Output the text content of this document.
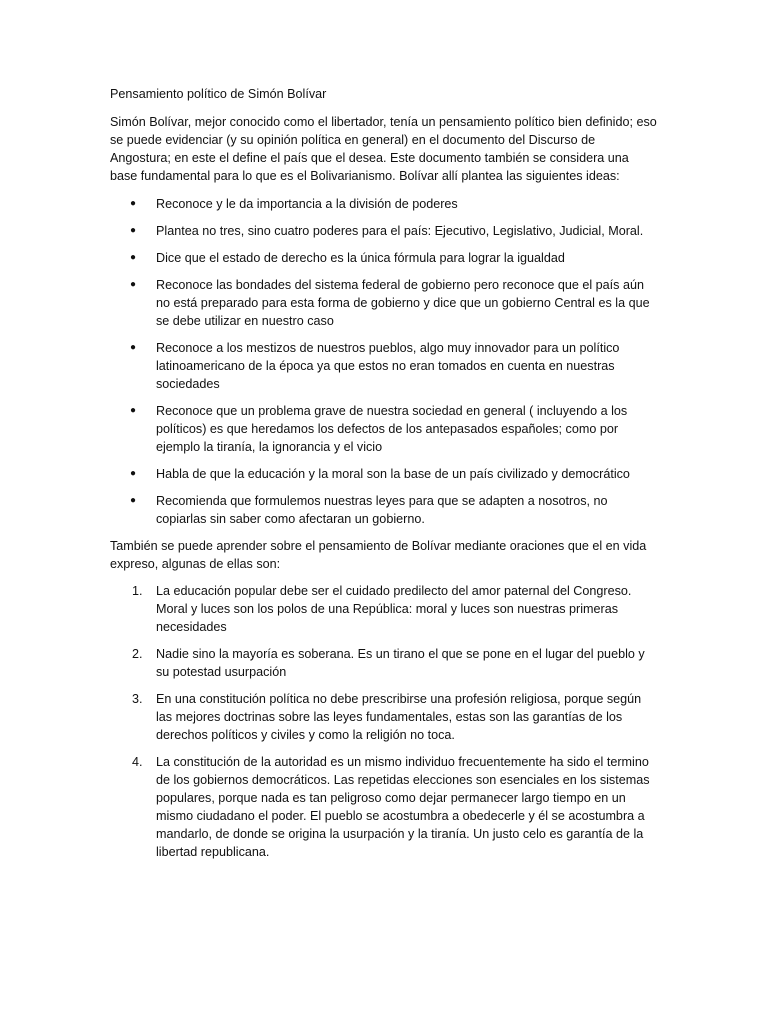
Pensamiento político de Simón Bolívar

Simón Bolívar, mejor conocido como el libertador, tenía un pensamiento político bien definido; eso se puede evidenciar (y su opinión política en general) en el documento del Discurso de Angostura; en este el define el país que el desea. Este documento también se considera una base fundamental para lo que es el Bolivarianismo. Bolívar allí plantea las siguientes ideas:

● Reconoce y le da importancia a la división de poderes
● Plantea no tres, sino cuatro poderes para el país: Ejecutivo, Legislativo, Judicial, Moral.
● Dice que el estado de derecho es la única fórmula para lograr la igualdad
● Reconoce las bondades del sistema federal de gobierno pero reconoce que el país aún no está preparado para esta forma de gobierno y dice que un gobierno Central es la que se debe utilizar en nuestro caso
● Reconoce a los mestizos de nuestros pueblos, algo muy innovador para un político latinoamericano de la época ya que estos no eran tomados en cuenta en nuestras sociedades
● Reconoce que un problema grave de nuestra sociedad en general ( incluyendo a los políticos) es que heredamos los defectos de los antepasados españoles; como por ejemplo la tiranía, la ignorancia y el vicio
● Habla de que la educación y la moral son la base de un país civilizado y democrático
● Recomienda que formulemos nuestras leyes para que se adapten a nosotros, no copiarlas sin saber como afectaran un gobierno.

También se puede aprender sobre el pensamiento de Bolívar mediante oraciones que el en vida expreso, algunas de ellas son:

1. La educación popular debe ser el cuidado predilecto del amor paternal del Congreso. Moral y luces son los polos de una República: moral y luces son nuestras primeras necesidades
2. Nadie sino la mayoría es soberana. Es un tirano el que se pone en el lugar del pueblo y su potestad usurpación
3. En una constitución política no debe prescribirse una profesión religiosa, porque según las mejores doctrinas sobre las leyes fundamentales, estas son las garantías de los derechos políticos y civiles y como la religión no toca.
4. La constitución de la autoridad es un mismo individuo frecuentemente ha sido el termino de los gobiernos democráticos. Las repetidas elecciones son esenciales en los sistemas populares, porque nada es tan peligroso como dejar permanecer largo tiempo en un mismo ciudadano el poder. El pueblo se acostumbra a obedecerle y él se acostumbra a mandarlo, de donde se origina la usurpación y la tiranía. Un justo celo es garantía de la libertad republicana.
